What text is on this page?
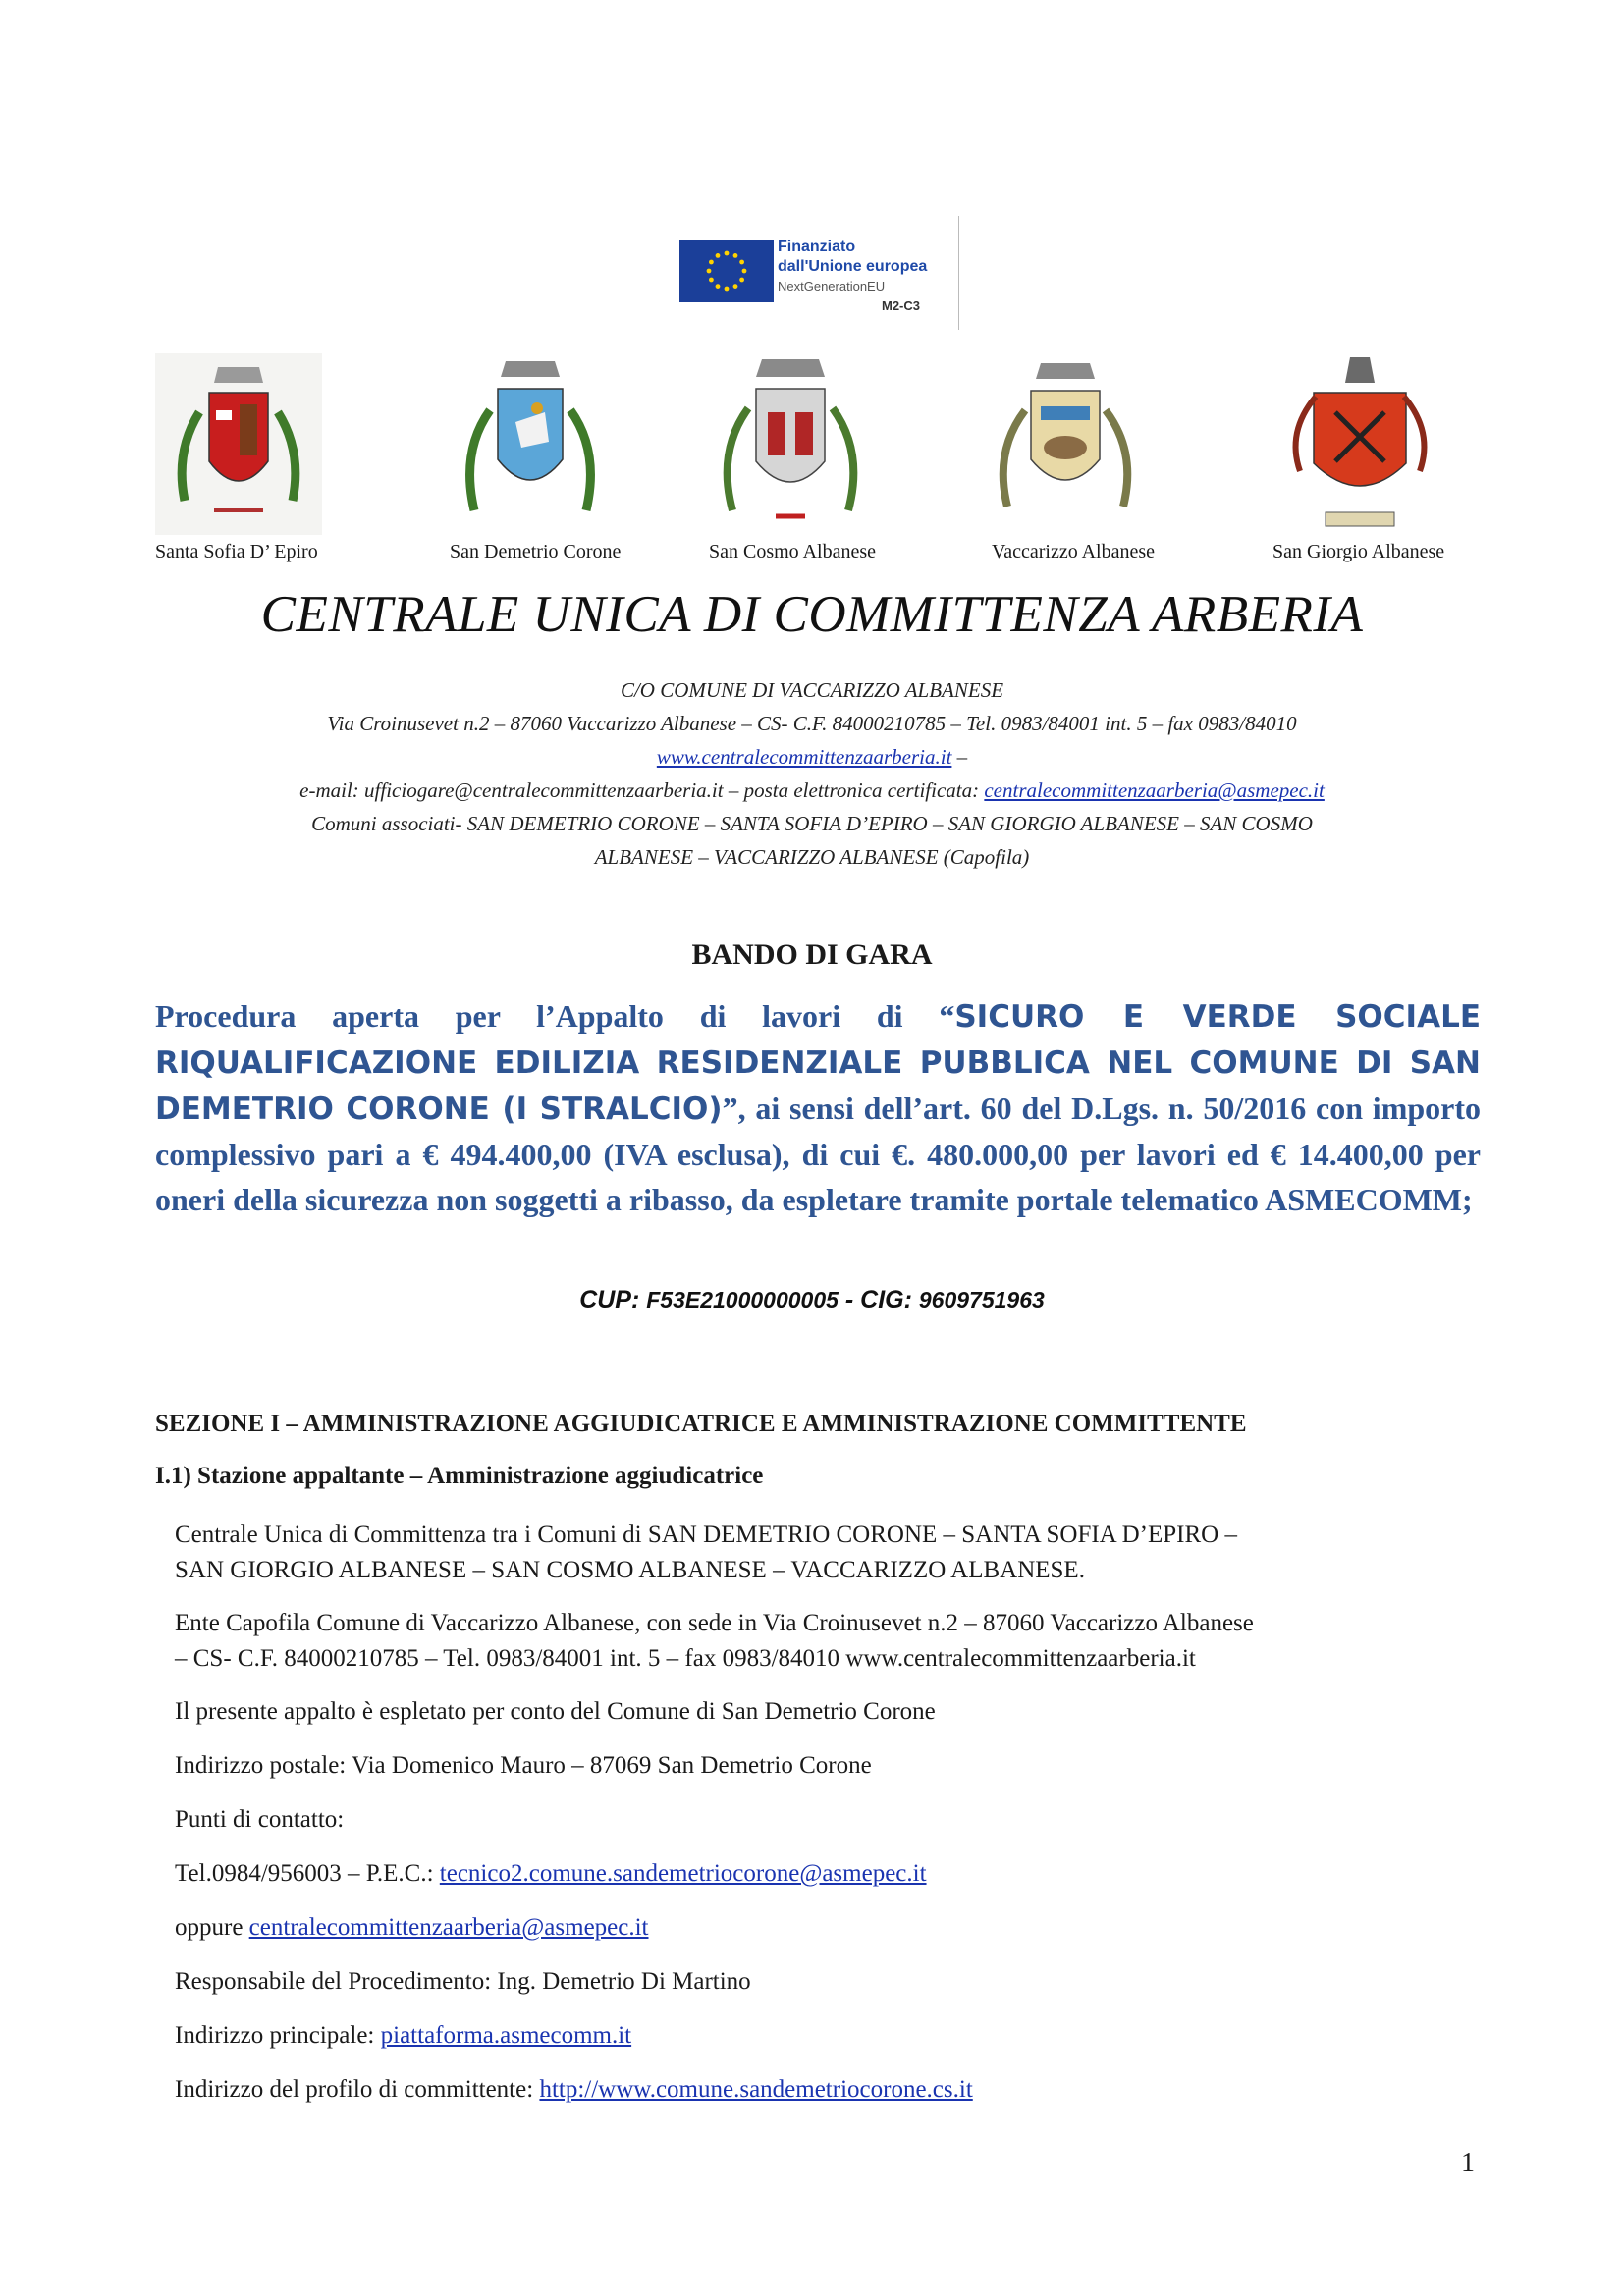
Finanziato
dall'Unione europea
NextGenerationEU
M2-C3
Santa Sofia D’ Epiro	San Demetrio Corone	San Cosmo Albanese	Vaccarizzo Albanese	San Giorgio Albanese
CENTRALE UNICA DI COMMITTENZA ARBERIA
C/O COMUNE DI VACCARIZZO ALBANESE
Via Croinusevet n.2 – 87060 Vaccarizzo Albanese – CS- C.F. 84000210785 – Tel. 0983/84001 int. 5 – fax 0983/84010
www.centralecommittenzaarberia.it –
e-mail: ufficiogare@centralecommittenzaarberia.it – posta elettronica certificata: centralecommittenzaarberia@asmepec.it
Comuni associati- SAN DEMETRIO CORONE – SANTA SOFIA D’EPIRO – SAN GIORGIO ALBANESE – SAN COSMO
ALBANESE – VACCARIZZO ALBANESE (Capofila)
BANDO DI GARA
Procedura aperta per l’Appalto di lavori di “SICURO E VERDE SOCIALE RIQUALIFICAZIONE EDILIZIA RESIDENZIALE PUBBLICA NEL COMUNE DI SAN DEMETRIO CORONE (I STRALCIO)”, ai sensi dell’art. 60 del D.Lgs. n. 50/2016 con importo complessivo pari a € 494.400,00 (IVA esclusa), di cui €. 480.000,00 per lavori ed € 14.400,00 per oneri della sicurezza non soggetti a ribasso, da espletare tramite portale telematico ASMECOMM;
CUP: F53E21000000005 - CIG: 9609751963
SEZIONE I – AMMINISTRAZIONE AGGIUDICATRICE E AMMINISTRAZIONE COMMITTENTE
I.1) Stazione appaltante – Amministrazione aggiudicatrice
Centrale Unica di Committenza tra i Comuni di SAN DEMETRIO CORONE – SANTA SOFIA D’EPIRO –
SAN GIORGIO ALBANESE – SAN COSMO ALBANESE – VACCARIZZO ALBANESE.
Ente Capofila Comune di Vaccarizzo Albanese, con sede in Via Croinusevet n.2 – 87060 Vaccarizzo Albanese
– CS- C.F. 84000210785 – Tel. 0983/84001 int. 5 – fax 0983/84010 www.centralecommittenzaarberia.it
Il presente appalto è espletato per conto del Comune di San Demetrio Corone
Indirizzo postale: Via Domenico Mauro – 87069 San Demetrio Corone
Punti di contatto:
Tel.0984/956003 – P.E.C.: tecnico2.comune.sandemetriocorone@asmepec.it
oppure centralecommittenzaarberia@asmepec.it
Responsabile del Procedimento: Ing. Demetrio Di Martino
Indirizzo principale: piattaforma.asmecomm.it
Indirizzo del profilo di committente: http://www.comune.sandemetriocorone.cs.it
1
